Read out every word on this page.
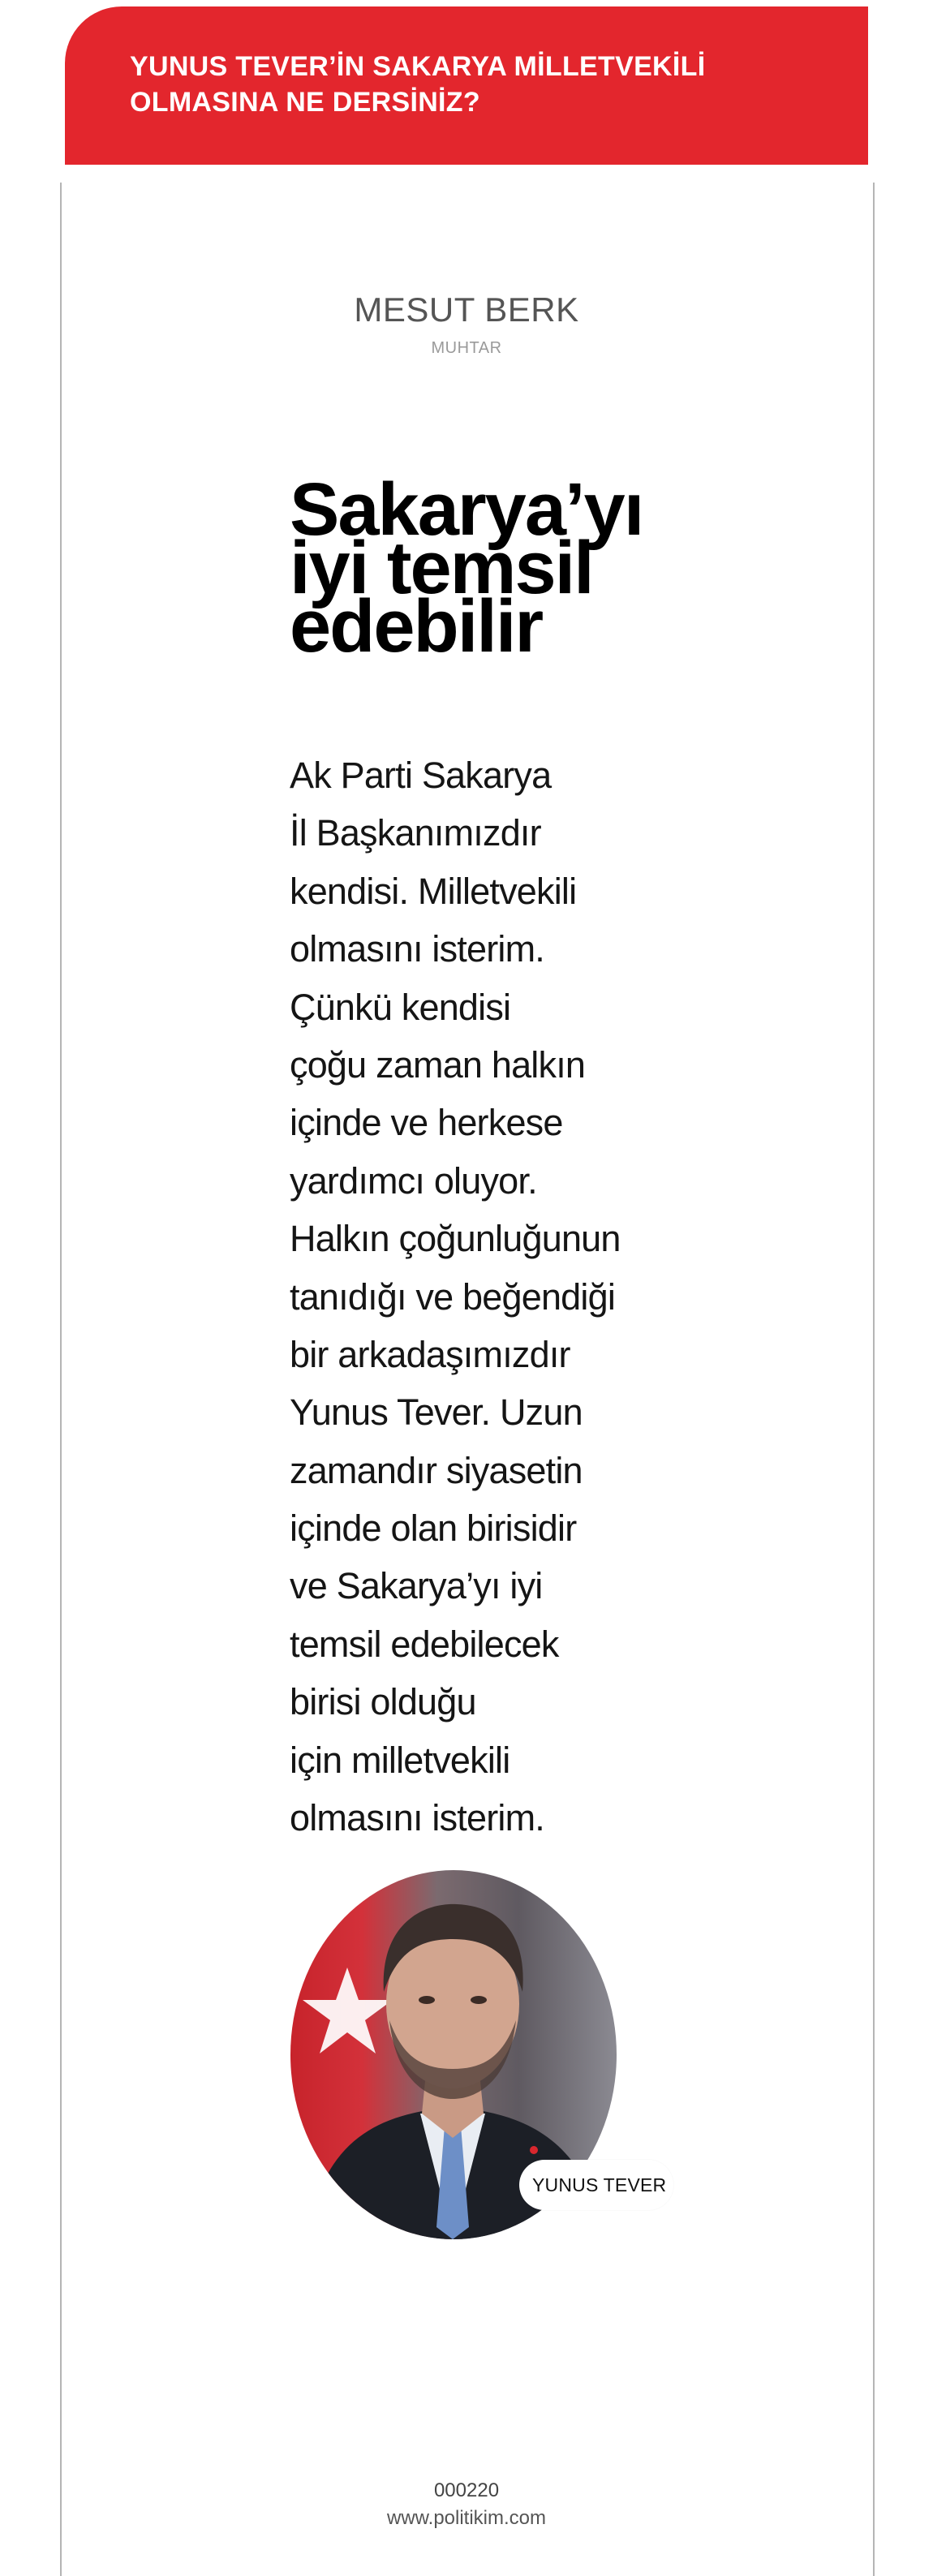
YUNUS TEVER’İN SAKARYA MİLLETVEKİLİ
OLMASINA NE DERSİNİZ?
MESUT BERK
MUHTAR
Sakarya’yı
iyi temsil
edebilir
Ak Parti Sakarya
İl Başkanımızdır
kendisi. Milletvekili
olmasını isterim.
Çünkü kendisi
çoğu zaman halkın
içinde ve herkese
yardımcı oluyor.
Halkın çoğunluğunun
tanıdığı ve beğendiği
bir arkadaşımızdır
Yunus Tever. Uzun
zamandır siyasetin
içinde olan birisidir
ve Sakarya’yı iyi
temsil edebilecek
birisi olduğu
için milletvekili
olmasını isterim.
YUNUS TEVER
000220
www.politikim.com
